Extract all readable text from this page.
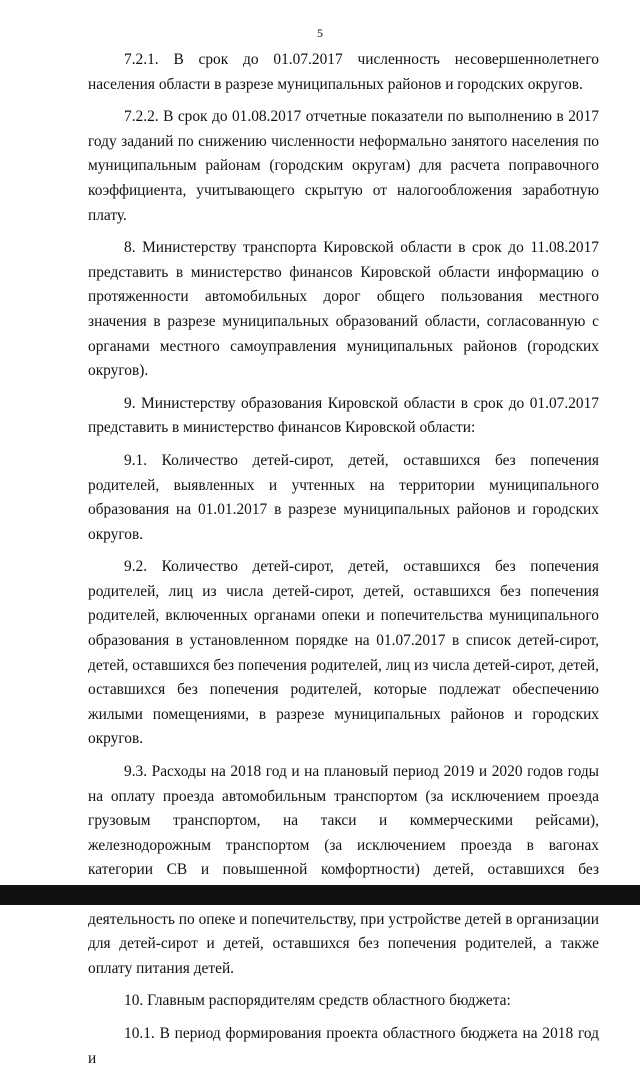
5

7.2.1. В срок до 01.07.2017 численность несовершеннолетнего населения области в разрезе муниципальных районов и городских округов.

7.2.2. В срок до 01.08.2017 отчетные показатели по выполнению в 2017 году заданий по снижению численности неформально занятого населения по муниципальным районам (городским округам) для расчета поправочного коэффициента, учитывающего скрытую от налогообложения заработную плату.

8. Министерству транспорта Кировской области в срок до 11.08.2017 представить в министерство финансов Кировской области информацию о протяженности автомобильных дорог общего пользования местного значения в разрезе муниципальных образований области, согласованную с органами местного самоуправления муниципальных районов (городских округов).

9. Министерству образования Кировской области в срок до 01.07.2017 представить в министерство финансов Кировской области:

9.1. Количество детей-сирот, детей, оставшихся без попечения родителей, выявленных и учтенных на территории муниципального образования на 01.01.2017 в разрезе муниципальных районов и городских округов.

9.2. Количество детей-сирот, детей, оставшихся без попечения родителей, лиц из числа детей-сирот, детей, оставшихся без попечения родителей, включенных органами опеки и попечительства муниципального образования в установленном порядке на 01.07.2017 в список детей-сирот, детей, оставшихся без попечения родителей, лиц из числа детей-сирот, детей, оставшихся без попечения родителей, которые подлежат обеспечению жилыми помещениями, в разрезе муниципальных районов и городских округов.

9.3. Расходы на 2018 год и на плановый период 2019 и 2020 годов годы на оплату проезда автомобильным транспортом (за исключением проезда грузовым транспортом, на такси и коммерческими рейсами), железнодорожным транспортом (за исключением проезда в вагонах категории СВ и повышенной комфортности) детей, оставшихся без деятельность по опеке и попечительству, при устройстве детей в организации для детей-сирот и детей, оставшихся без попечения родителей, а также оплату питания детей.

10. Главным распорядителям средств областного бюджета:

10.1. В период формирования проекта областного бюджета на 2018 год и
